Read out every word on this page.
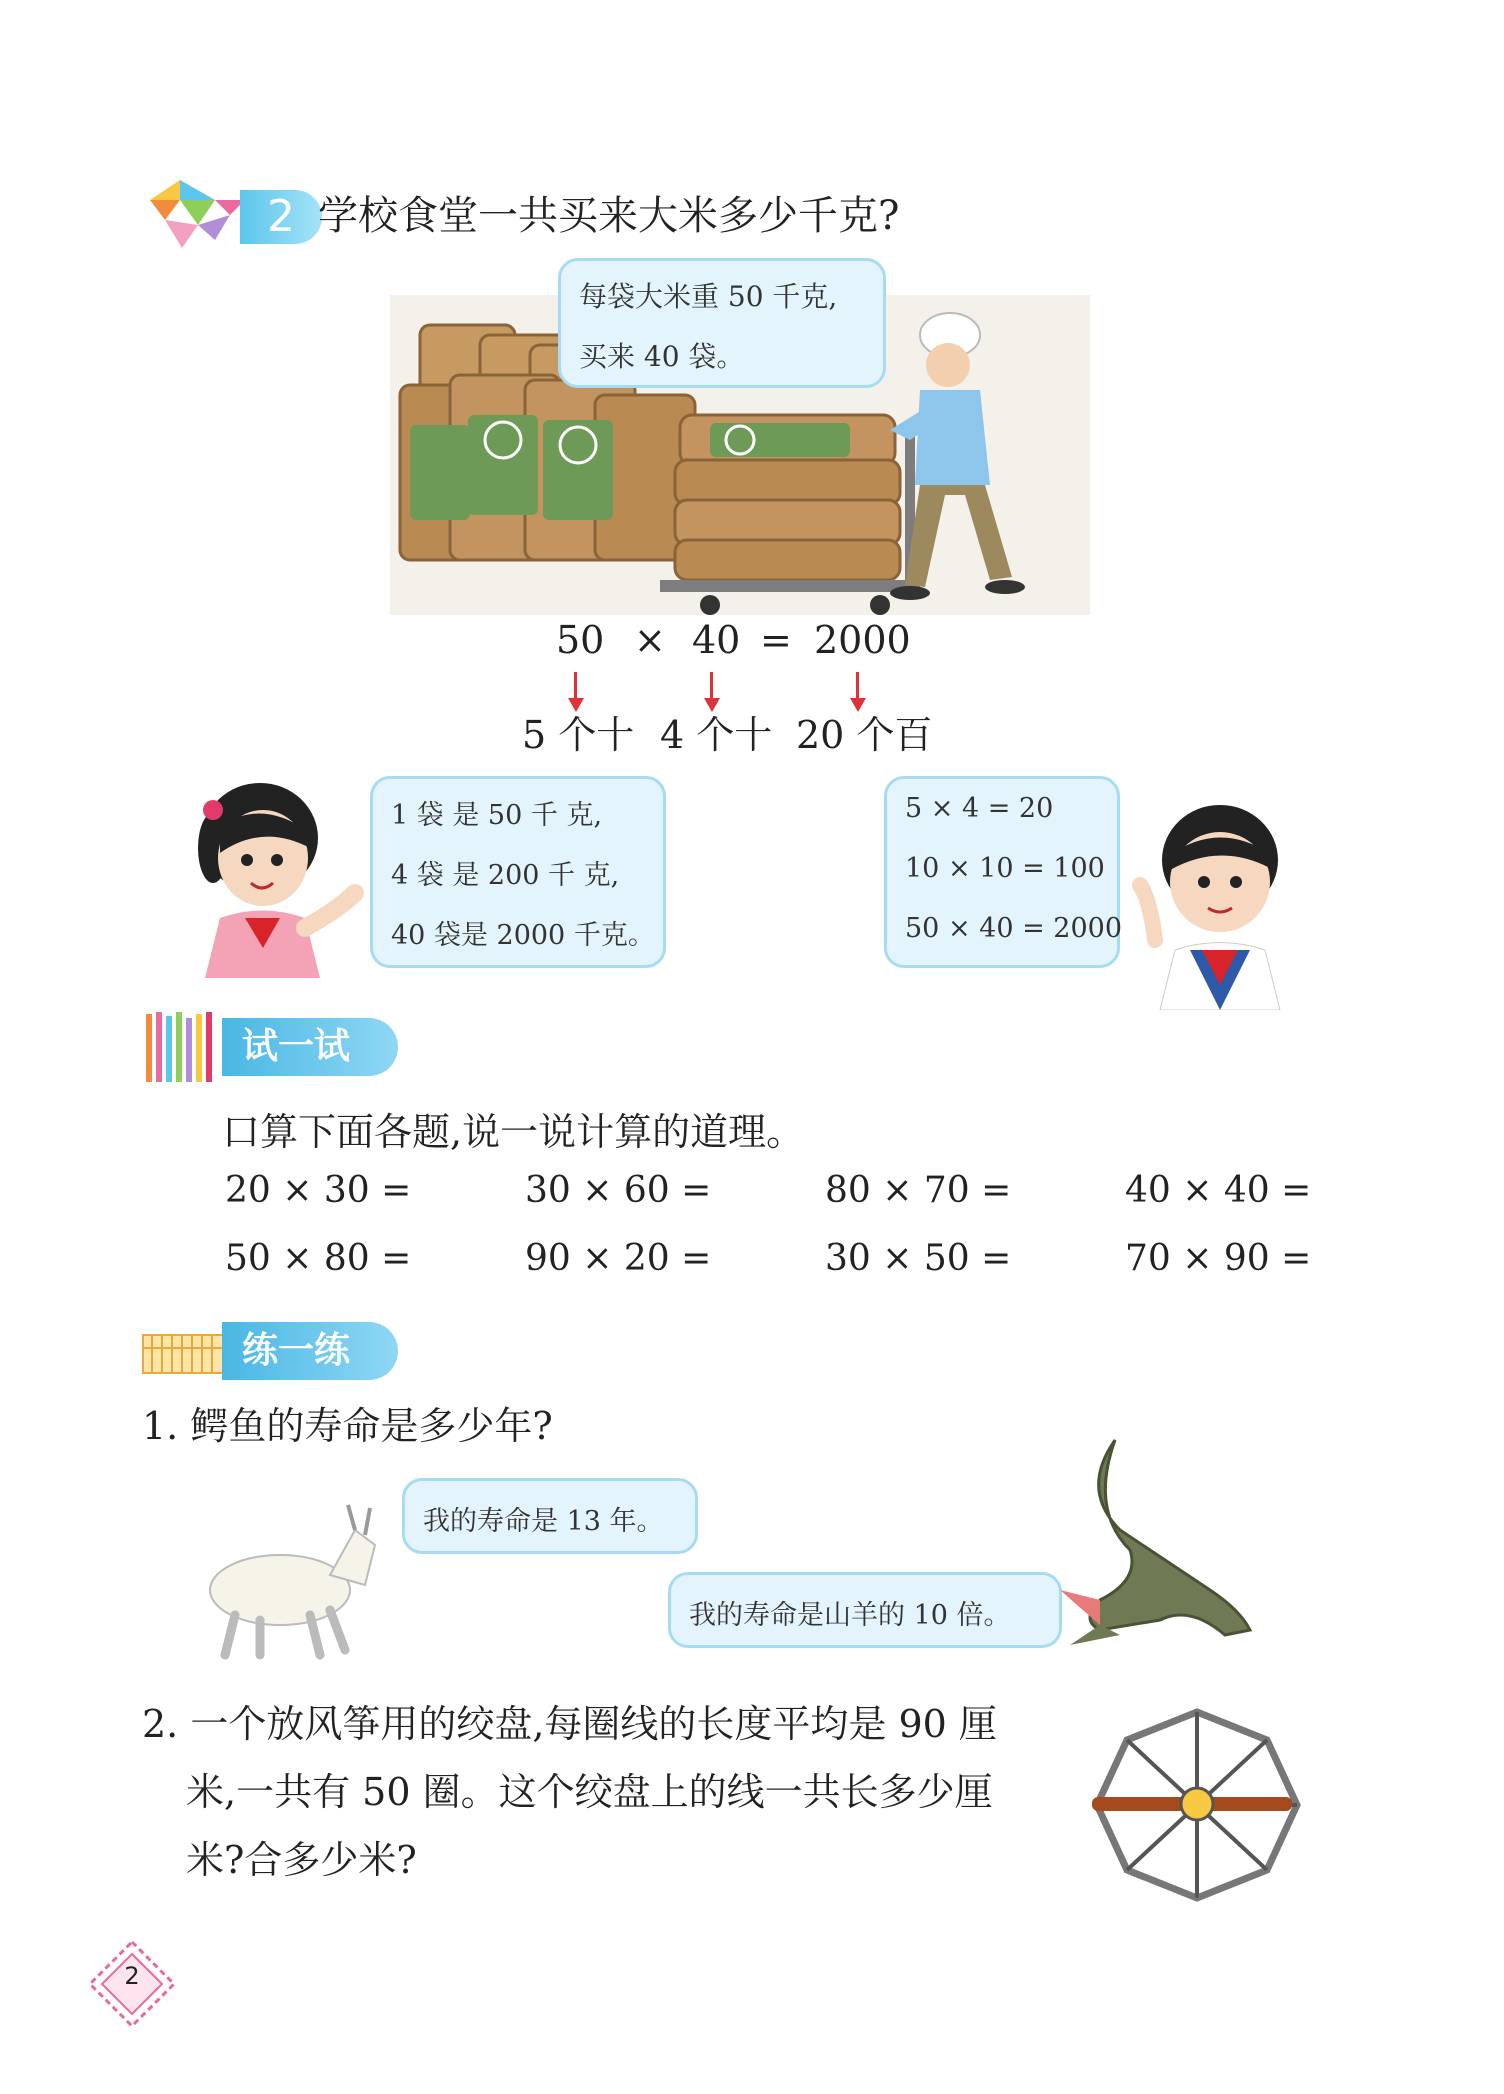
2 学校食堂一共买来大米多少千克?
每袋大米重 50 千克,
买来 40 袋。
50 × 40 = 2000
5 个十 4 个十 20 个百
1 袋 是 50 千 克,
4 袋 是 200 千 克,
40 袋是 2000 千克。
5 × 4 = 20
10 × 10 = 100
50 × 40 = 2000
试一试
口算下面各题,说一说计算的道理。
20 × 30 =	30 × 60 =	80 × 70 =	40 × 40 =
50 × 80 =	90 × 20 =	30 × 50 =	70 × 90 =
练一练
1. 鳄鱼的寿命是多少年?
我的寿命是 13 年。
我的寿命是山羊的 10 倍。
2. 一个放风筝用的绞盘,每圈线的长度平均是 90 厘
米,一共有 50 圈。这个绞盘上的线一共长多少厘
米?合多少米?
2
